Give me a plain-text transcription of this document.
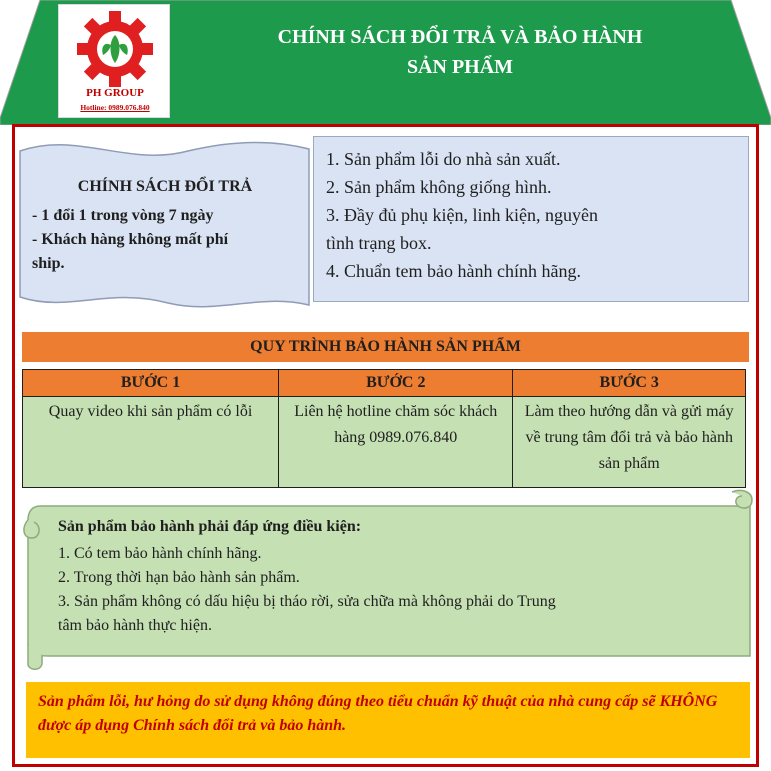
PH GROUP
Hotline: 0989.076.840
CHÍNH SÁCH ĐỔI TRẢ VÀ BẢO HÀNH
SẢN PHẨM
CHÍNH SÁCH ĐỔI TRẢ
- 1 đổi 1 trong vòng 7 ngày
- Khách hàng không mất phí
ship.
1. Sản phẩm lỗi do nhà sản xuất.
2. Sản phẩm không giống hình.
3. Đầy đủ phụ kiện, linh kiện, nguyên
tình trạng box.
4. Chuẩn tem bảo hành chính hãng.
QUY TRÌNH BẢO HÀNH SẢN PHẨM
BƯỚC 1	BƯỚC 2	BƯỚC 3
Quay video khi sản phẩm có lỗi	Liên hệ hotline chăm sóc khách hàng 0989.076.840	Làm theo hướng dẫn và gửi máy về trung tâm đổi trả và bảo hành sản phẩm
Sản phẩm bảo hành phải đáp ứng điều kiện:
1. Có tem bảo hành chính hãng.
2. Trong thời hạn bảo hành sản phẩm.
3. Sản phẩm không có dấu hiệu bị tháo rời, sửa chữa mà không phải do Trung
tâm bảo hành thực hiện.
Sản phẩm lỗi, hư hỏng do sử dụng không đúng theo tiểu chuẩn kỹ thuật của nhà cung cấp sẽ KHÔNG được áp dụng Chính sách đổi trả và bảo hành.
